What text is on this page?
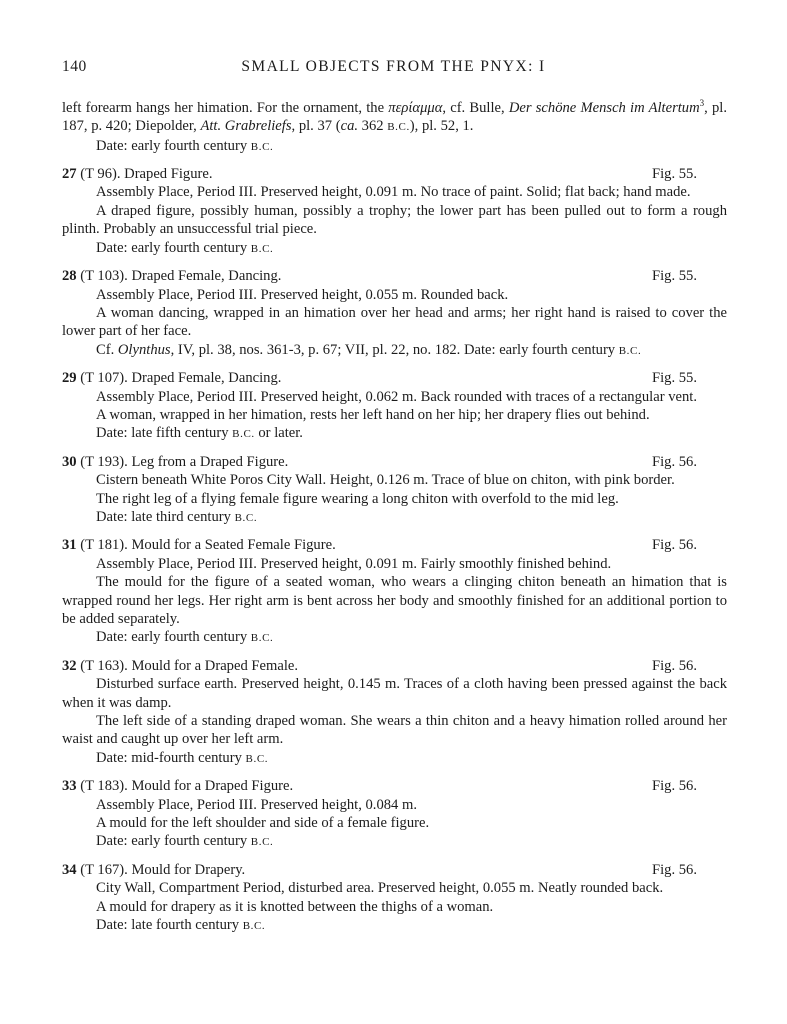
140	SMALL OBJECTS FROM THE PNYX: I

left forearm hangs her himation. For the ornament, the περίαμμα, cf. Bulle, Der schöne Mensch im Altertum$^3$, pl. 187, p. 420; Diepolder, Att. Grabreliefs, pl. 37 (ca. 362 B.C.), pl. 52, 1.

Date: early fourth century B.C.

27 (T 96). Draped Figure.	Fig. 55.

Assembly Place, Period III. Preserved height, 0.091 m. No trace of paint. Solid; flat back; hand made.

A draped figure, possibly human, possibly a trophy; the lower part has been pulled out to form a rough plinth. Probably an unsuccessful trial piece.

Date: early fourth century B.C.

28 (T 103). Draped Female, Dancing.	Fig. 55.

Assembly Place, Period III. Preserved height, 0.055 m. Rounded back.

A woman dancing, wrapped in an himation over her head and arms; her right hand is raised to cover the lower part of her face.

Cf. Olynthus, IV, pl. 38, nos. 361-3, p. 67; VII, pl. 22, no. 182. Date: early fourth century B.C.

29 (T 107). Draped Female, Dancing.	Fig. 55.

Assembly Place, Period III. Preserved height, 0.062 m. Back rounded with traces of a rectangular vent.

A woman, wrapped in her himation, rests her left hand on her hip; her drapery flies out behind.

Date: late fifth century B.C. or later.

30 (T 193). Leg from a Draped Figure.	Fig. 56.

Cistern beneath White Poros City Wall. Height, 0.126 m. Trace of blue on chiton, with pink border.

The right leg of a flying female figure wearing a long chiton with overfold to the mid leg.

Date: late third century B.C.

31 (T 181). Mould for a Seated Female Figure.	Fig. 56.

Assembly Place, Period III. Preserved height, 0.091 m. Fairly smoothly finished behind.

The mould for the figure of a seated woman, who wears a clinging chiton beneath an himation that is wrapped round her legs. Her right arm is bent across her body and smoothly finished for an additional portion to be added separately.

Date: early fourth century B.C.

32 (T 163). Mould for a Draped Female.	Fig. 56.

Disturbed surface earth. Preserved height, 0.145 m. Traces of a cloth having been pressed against the back when it was damp.

The left side of a standing draped woman. She wears a thin chiton and a heavy himation rolled around her waist and caught up over her left arm.

Date: mid-fourth century B.C.

33 (T 183). Mould for a Draped Figure.	Fig. 56.

Assembly Place, Period III. Preserved height, 0.084 m.

A mould for the left shoulder and side of a female figure.

Date: early fourth century B.C.

34 (T 167). Mould for Drapery.	Fig. 56.

City Wall, Compartment Period, disturbed area. Preserved height, 0.055 m. Neatly rounded back.

A mould for drapery as it is knotted between the thighs of a woman.

Date: late fourth century B.C.
